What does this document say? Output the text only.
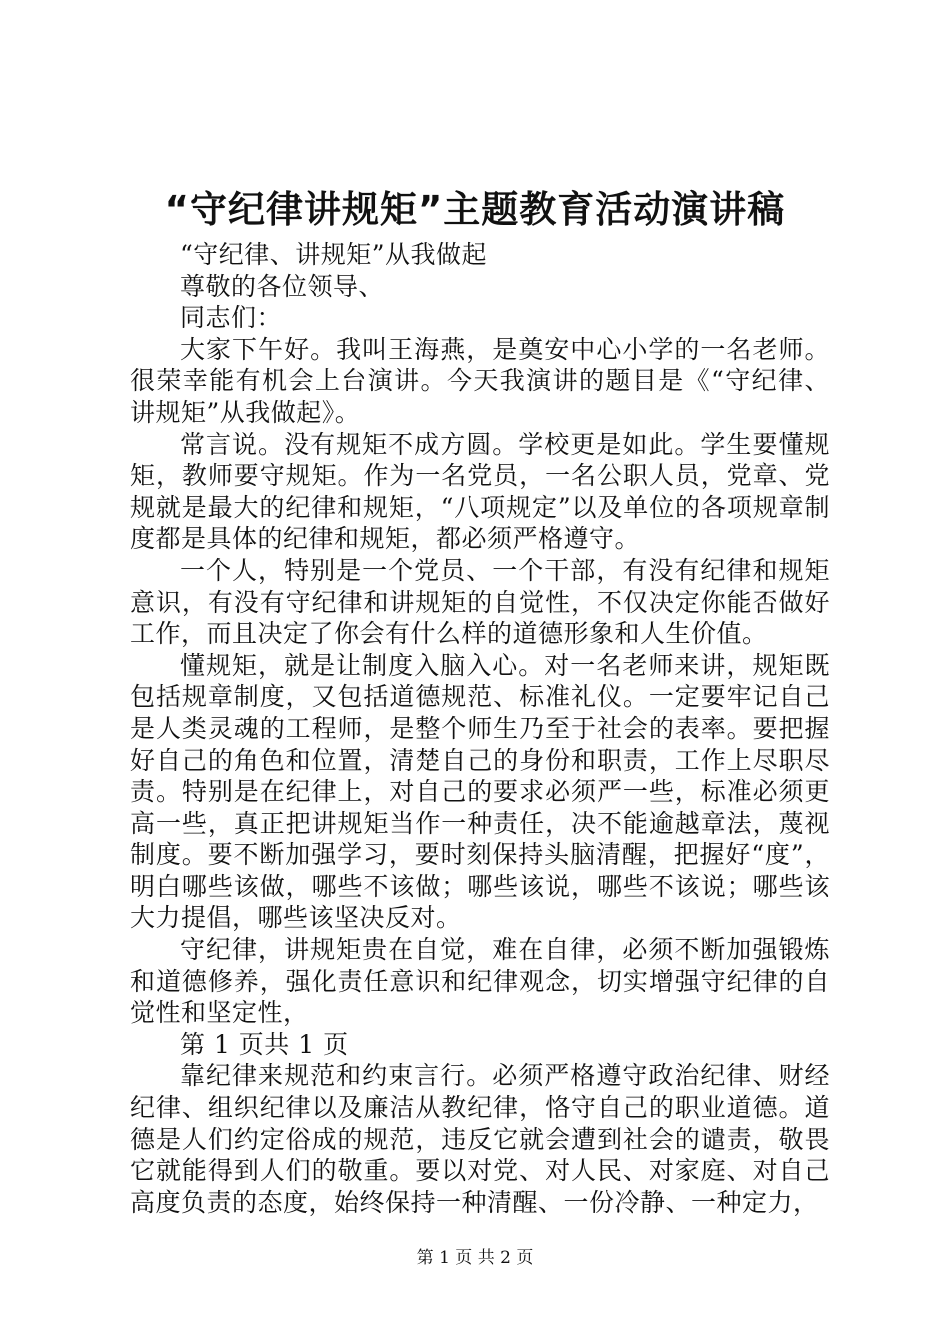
“守纪律讲规矩”主题教育活动演讲稿

“守纪律、讲规矩”从我做起

尊敬的各位领导、

同志们：

大家下午好。我叫王海燕，是奠安中心小学的一名老师。很荣幸能有机会上台演讲。今天我演讲的题目是《“守纪律、讲规矩”从我做起》。

常言说。没有规矩不成方圆。学校更是如此。学生要懂规矩，教师要守规矩。作为一名党员，一名公职人员，党章、党规就是最大的纪律和规矩，“八项规定”以及单位的各项规章制度都是具体的纪律和规矩，都必须严格遵守。

一个人，特别是一个党员、一个干部，有没有纪律和规矩意识，有没有守纪律和讲规矩的自觉性，不仅决定你能否做好工作，而且决定了你会有什么样的道德形象和人生价值。

懂规矩，就是让制度入脑入心。对一名老师来讲，规矩既包括规章制度，又包括道德规范、标准礼仪。一定要牢记自己是人类灵魂的工程师，是整个师生乃至于社会的表率。要把握好自己的角色和位置，清楚自己的身份和职责，工作上尽职尽责。特别是在纪律上，对自己的要求必须严一些，标准必须更高一些，真正把讲规矩当作一种责任，决不能逾越章法，蔑视制度。要不断加强学习，要时刻保持头脑清醒，把握好“度”，明白哪些该做，哪些不该做；哪些该说，哪些不该说；哪些该大力提倡，哪些该坚决反对。

守纪律，讲规矩贵在自觉，难在自律，必须不断加强锻炼和道德修养，强化责任意识和纪律观念，切实增强守纪律的自觉性和坚定性，

第 1 页共 1 页

靠纪律来规范和约束言行。必须严格遵守政治纪律、财经纪律、组织纪律以及廉洁从教纪律，恪守自己的职业道德。道德是人们约定俗成的规范，违反它就会遭到社会的谴责，敬畏它就能得到人们的敬重。要以对党、对人民、对家庭、对自己高度负责的态度，始终保持一种清醒、一份冷静、一种定力，

第 1 页 共 2 页
